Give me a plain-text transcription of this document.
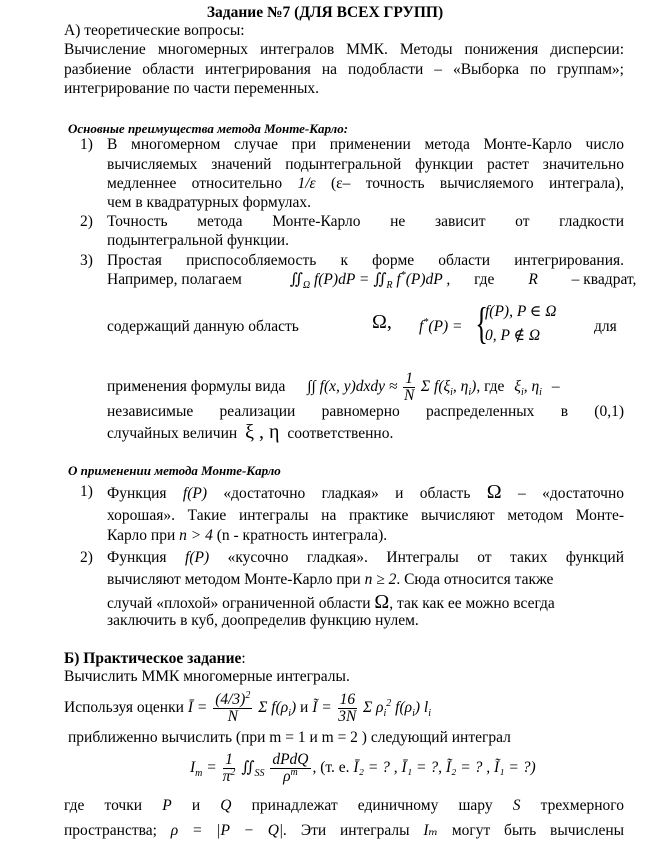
Задание №7 (ДЛЯ ВСЕХ ГРУПП)
А) теоретические вопросы:
Вычисление многомерных интегралов ММК. Методы понижения дисперсии:
разбиение области интегрирования на подобласти – «Выборка по группам»;
интегрирование по части переменных.
Основные преимущества метода Монте-Карло:
1) В многомерном случае при применении метода Монте-Карло число
вычисляемых значений подынтегральной функции растет значительно
медленнее относительно 1/ε (ε– точность вычисляемого интеграла),
чем в квадратурных формулах.
2) Точность метода Монте-Карло не зависит от гладкости
подынтегральной функции.
3) Простая приспособляемость к форме области интегрирования.
Например, полагаем	$∬_\Omega$ $f(P)dP = ∬_R$ f*(P)dP , где R – квадрат,
содержащий данную область	Ω, f*(P) = {
f(P), P ∈ Ω
0, P ∉ Ω
для
применения формулы вида ∫∫ f(x, y)dxdy ≈ $\frac{1}{N}$ Σ $f(\xi_i$, $\eta_i$), где $\xi_i$, $\eta_i$ –
независимые реализации равномерно распределенных в (0,1)
случайных величин ξ , η соответственно.
О применении метода Монте-Карло
1) Функция f(P) «достаточно гладкая» и область Ω – «достаточно
хорошая». Такие интегралы на практике вычисляют методом Монте-
Карло при n > 4 (n - кратность интеграла).
2) Функция f(P) «кусочно гладкая». Интегралы от таких функций
вычисляют методом Монте-Карло при n ≥ 2. Сюда относится также
случай «плохой» ограниченной области Ω, так как ее можно всегда
заключить в куб, доопределив функцию нулем.
Б) Практическое задание:
Вычислить ММК многомерные интегралы.
Используя оценки Ī = $\frac{(4/3)^2}{N}$ Σ $f(\rho_i)$ и Ĩ = $\frac{16}{3N}$ Σ $\rho_i^2$ $f(\rho_i)$ $l_i$
приближенно вычислить (при m = 1 и m = 2 ) следующий интеграл
$I_m = \frac{1}{\pi^2}$ $∬_{SS} \frac{\text{dPdQ}}{\rho^m}$ , (т. е. Ī₂ = ? , Ī₁ = ?, Ĩ₂ = ? , Ĩ₁ = ?)
где точки P и Q принадлежат единичному шару S трехмерного
пространства; ρ = |P − Q|. Эти интегралы Iₘ могут быть вычислены
